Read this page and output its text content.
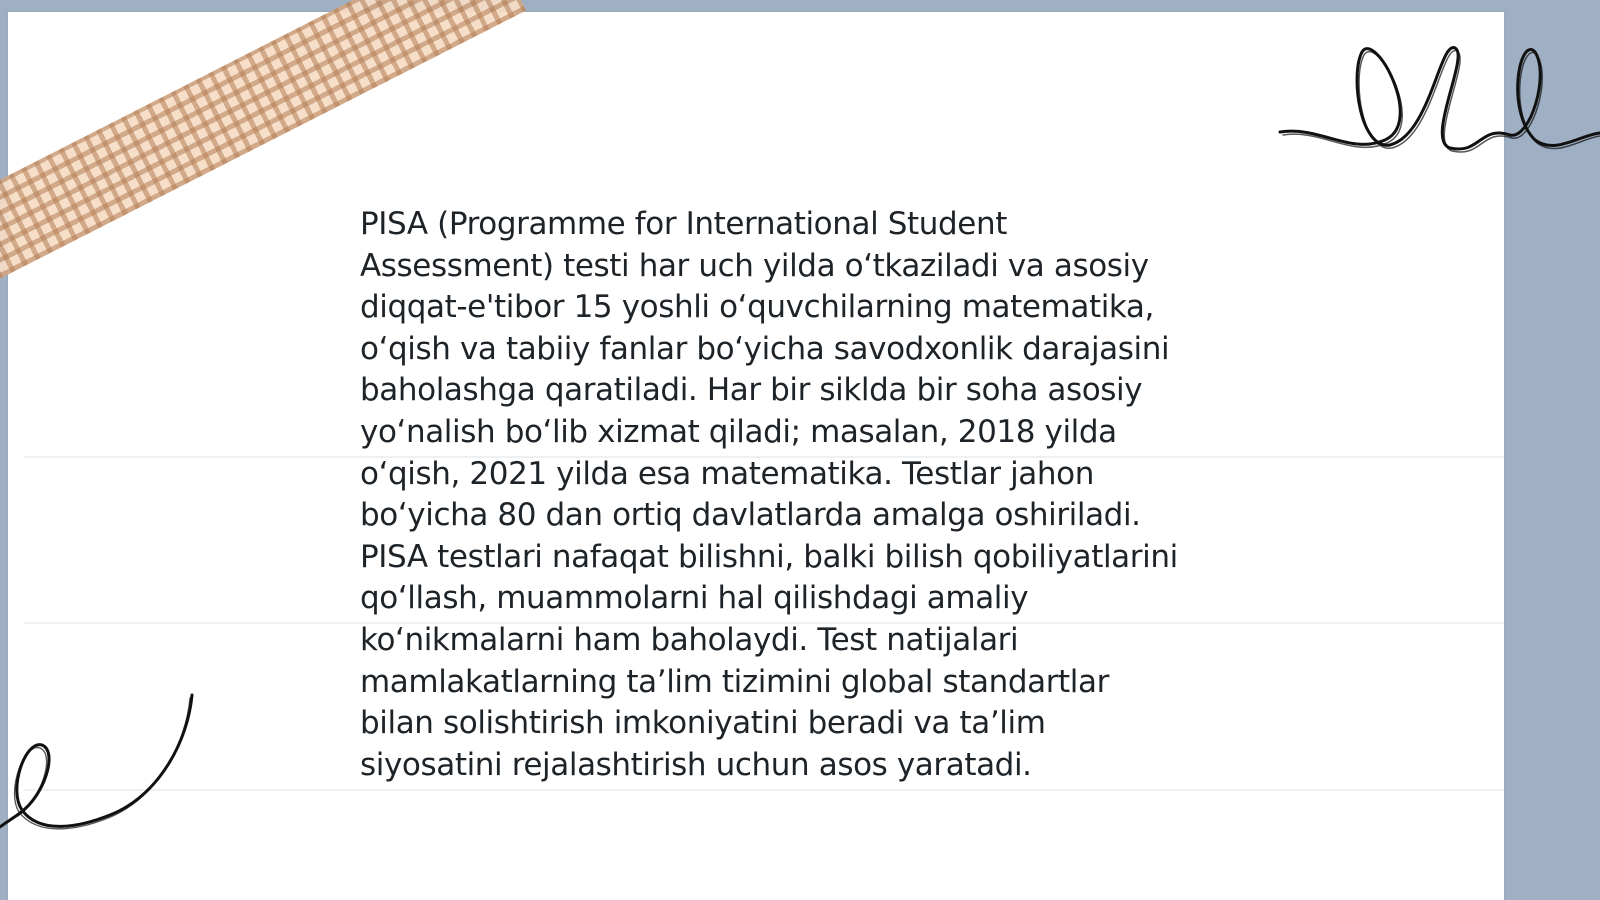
PISA (Programme for International Student
Assessment) testi har uch yilda o‘tkaziladi va asosiy
diqqat-e'tibor 15 yoshli o‘quvchilarning matematika,
o‘qish va tabiiy fanlar bo‘yicha savodxonlik darajasini
baholashga qaratiladi. Har bir siklda bir soha asosiy
yo‘nalish bo‘lib xizmat qiladi; masalan, 2018 yilda
o‘qish, 2021 yilda esa matematika. Testlar jahon
bo‘yicha 80 dan ortiq davlatlarda amalga oshiriladi.
PISA testlari nafaqat bilishni, balki bilish qobiliyatlarini
qo‘llash, muammolarni hal qilishdagi amaliy
ko‘nikmalarni ham baholaydi. Test natijalari
mamlakatlarning ta’lim tizimini global standartlar
bilan solishtirish imkoniyatini beradi va ta’lim
siyosatini rejalashtirish uchun asos yaratadi.
